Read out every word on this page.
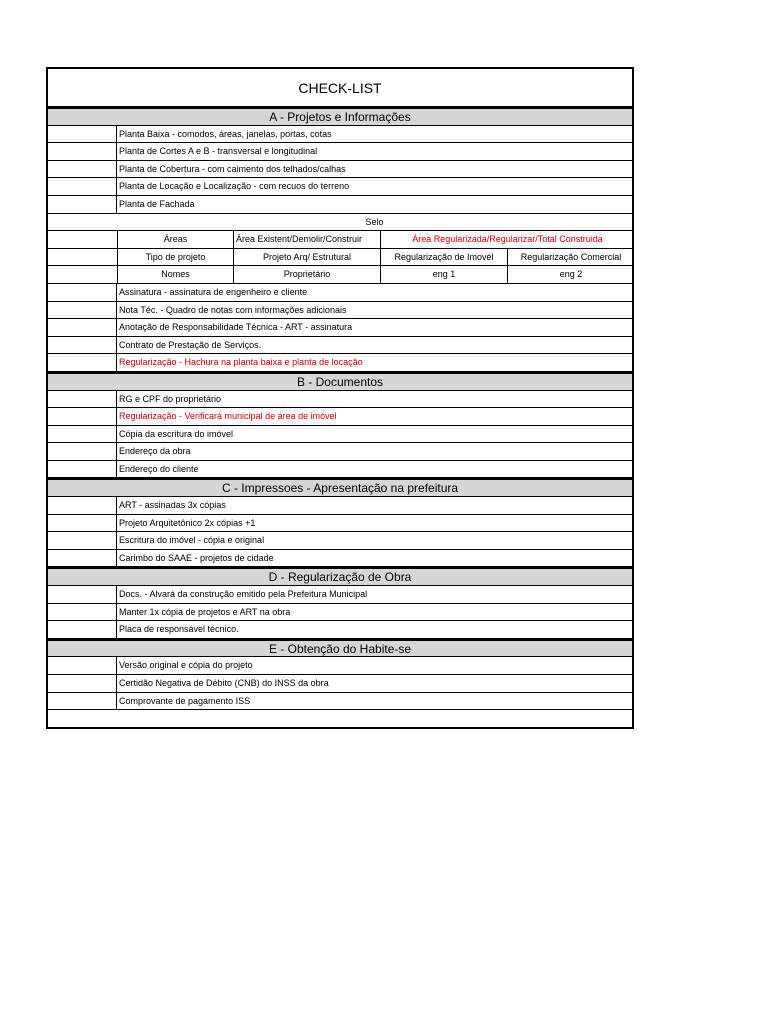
CHECK-LIST
A - Projetos e Informações
Planta Baixa - comodos, áreas, janelas, portas, cotas
Planta de Cortes A e B - transversal e longitudinal
Planta de Cobertura - com caimento dos telhados/calhas
Planta de Locação e Localização - com recuos do terreno
Planta de Fachada
Selo
Áreas	Área Existent/Demolir/Construir	Área Regularizada/Regularizar/Total Construida
Tipo de projeto	Projeto Arq/ Estrutural	Regularização de Imovél	Regularização Comercial
Nomes	Proprietário	eng 1	eng 2
Assinatura - assinatura de engenheiro e cliente
Nota Téc. - Quadro de notas com informações adicionais
Anotação de Responsabilidade Técnica - ART - assinatura
Contrato de Prestação de Serviços.
Regularização - Hachura na planta baixa e planta de locação
B - Documentos
RG e CPF do proprietário
Regularização - Verificará municipal de área de imóvel
Cópia da escritura do imóvel
Endereço da obra
Endereço do cliente
C - Impressoes - Apresentação na prefeitura
ART - assinadas 3x cópias
Projeto Arquitetônico 2x cópias +1
Escritura do imóvel - cópia e original
Carimbo do SAAE - projetos de cidade
D - Regularização de Obra
Docs. - Alvará da construção emitido pela Prefeitura Municipal
Manter 1x cópia de projetos e ART na obra
Placa de responsável técnico.
E - Obtenção do Habite-se
Versão original e cópia do projeto
Certidão Negativa de Débito (CNB) do INSS da obra
Comprovante de pagamento ISS
